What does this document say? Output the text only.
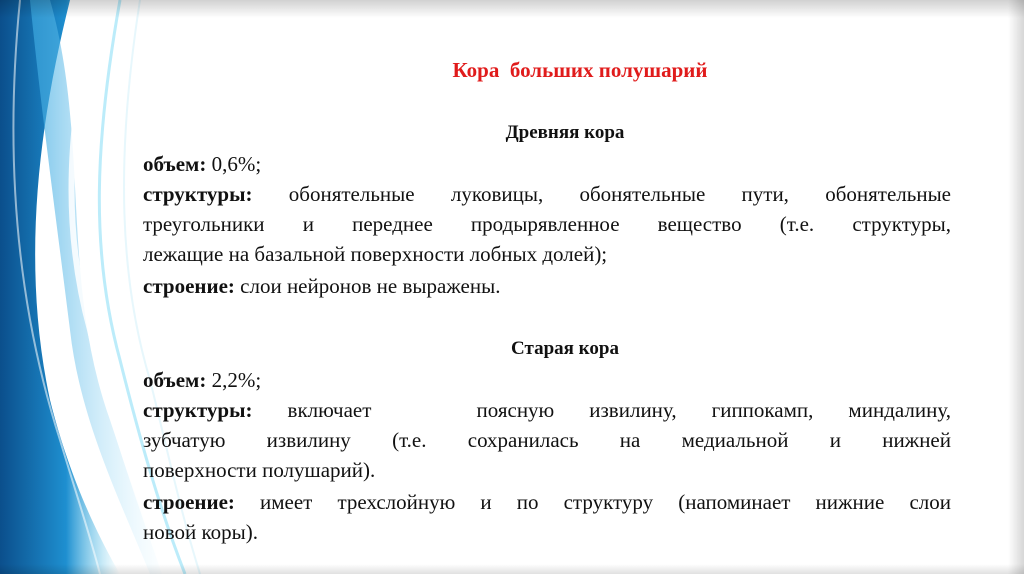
Кора  больших полушарий
Древняя кора
объем: 0,6%;
структуры: обонятельные луковицы, обонятельные пути, обонятельные
треугольники и переднее продырявленное вещество (т.е. структуры,
лежащие на базальной поверхности лобных долей);
строение: слои нейронов не выражены.
Старая кора
объем: 2,2%;
структуры: включает   поясную извилину, гиппокамп, миндалину,
зубчатую извилину (т.е. сохранилась на медиальной и нижней
поверхности полушарий).
строение: имеет трехслойную и по структуру (напоминает нижние слои
новой коры).
